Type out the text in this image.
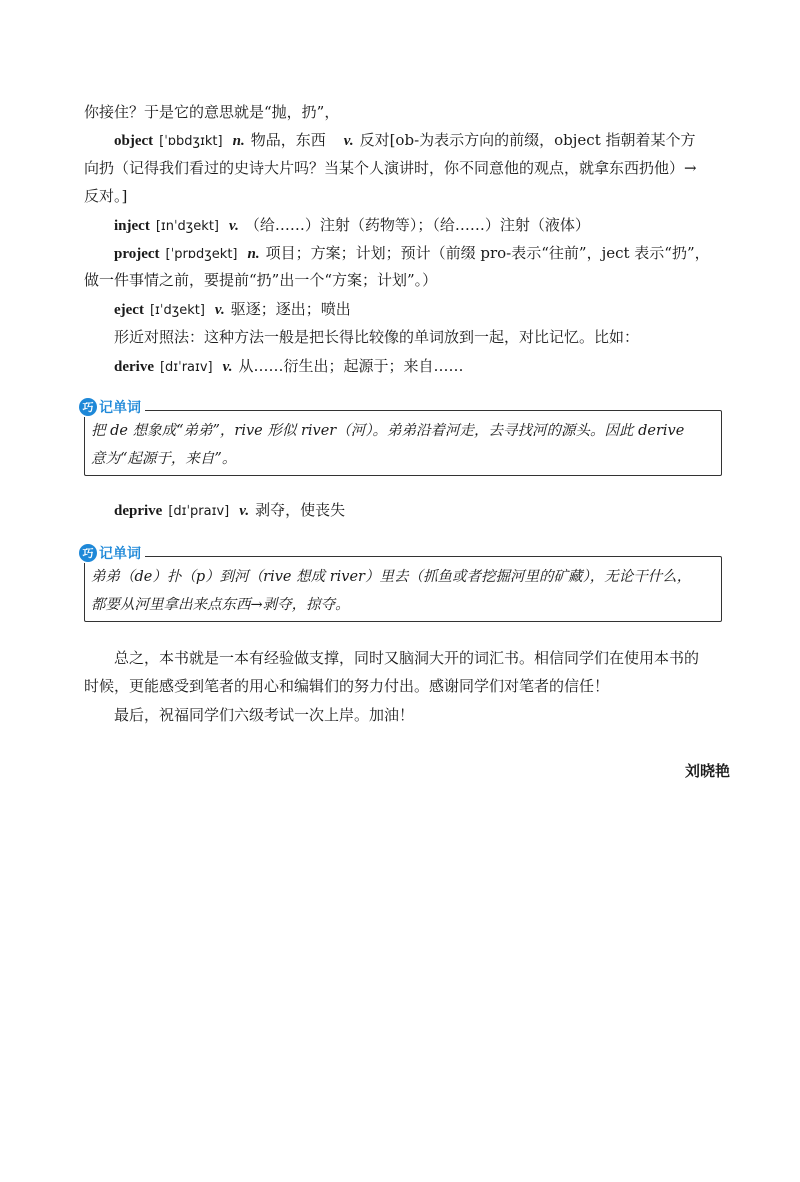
你接住？于是它的意思就是“抛，扔”，
object [ˈɒbdʒɪkt] n. 物品，东西 v. 反对[ob-为表示方向的前缀，object 指朝着某个方
向扔（记得我们看过的史诗大片吗？当某个人演讲时，你不同意他的观点，就拿东西扔他）→
反对。]
inject [ɪnˈdʒekt] v. （给……）注射（药物等）；（给……）注射（液体）
project [ˈprɒdʒekt] n. 项目；方案；计划；预计（前缀 pro-表示“往前”，ject 表示“扔”，
做一件事情之前，要提前“扔”出一个“方案；计划”。）
eject [ɪˈdʒekt] v. 驱逐；逐出；喷出
形近对照法：这种方法一般是把长得比较像的单词放到一起，对比记忆。比如：
derive [dɪˈraɪv] v. 从……衍生出；起源于；来自……
巧 记单词
把 de 想象成“弟弟”，rive 形似 river（河）。弟弟沿着河走，去寻找河的源头。因此 derive
意为“起源于，来自”。
deprive [dɪˈpraɪv] v. 剥夺，使丧失
巧 记单词
弟弟（de）扑（p）到河（rive 想成 river）里去（抓鱼或者挖掘河里的矿藏），无论干什么，
都要从河里拿出来点东西→剥夺，掠夺。
总之，本书就是一本有经验做支撑，同时又脑洞大开的词汇书。相信同学们在使用本书的
时候，更能感受到笔者的用心和编辑们的努力付出。感谢同学们对笔者的信任！
最后，祝福同学们六级考试一次上岸。加油！
刘晓艳
